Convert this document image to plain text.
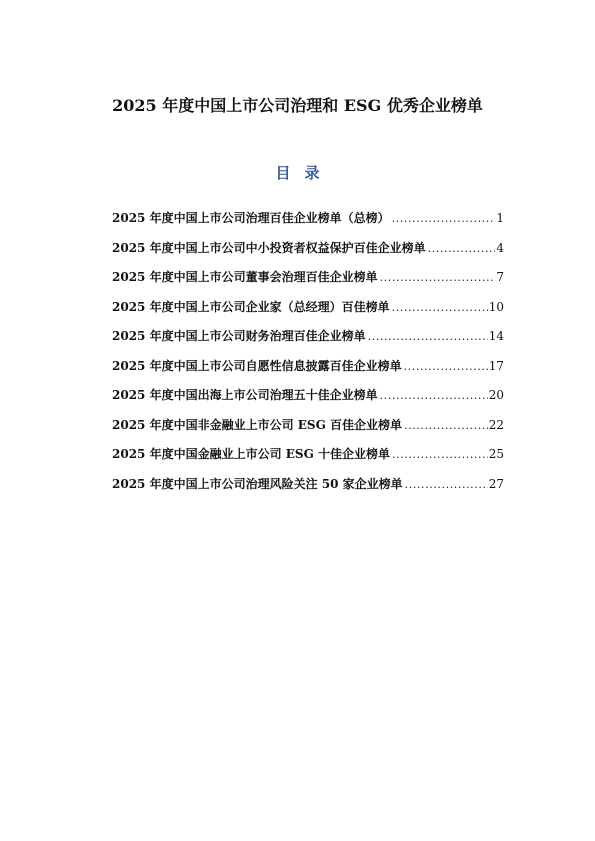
2025 年度中国上市公司治理和 ESG 优秀企业榜单
目录
2025 年度中国上市公司治理百佳企业榜单（总榜） .....	1
2025 年度中国上市公司中小投资者权益保护百佳企业榜单 .....	4
2025 年度中国上市公司董事会治理百佳企业榜单 .....	7
2025 年度中国上市公司企业家（总经理）百佳榜单 .....	10
2025 年度中国上市公司财务治理百佳企业榜单 .....	14
2025 年度中国上市公司自愿性信息披露百佳企业榜单 .....	17
2025 年度中国出海上市公司治理五十佳企业榜单 .....	20
2025 年度中国非金融业上市公司 ESG 百佳企业榜单 .....	22
2025 年度中国金融业上市公司 ESG 十佳企业榜单 .....	25
2025 年度中国上市公司治理风险关注 50 家企业榜单 .....	27
